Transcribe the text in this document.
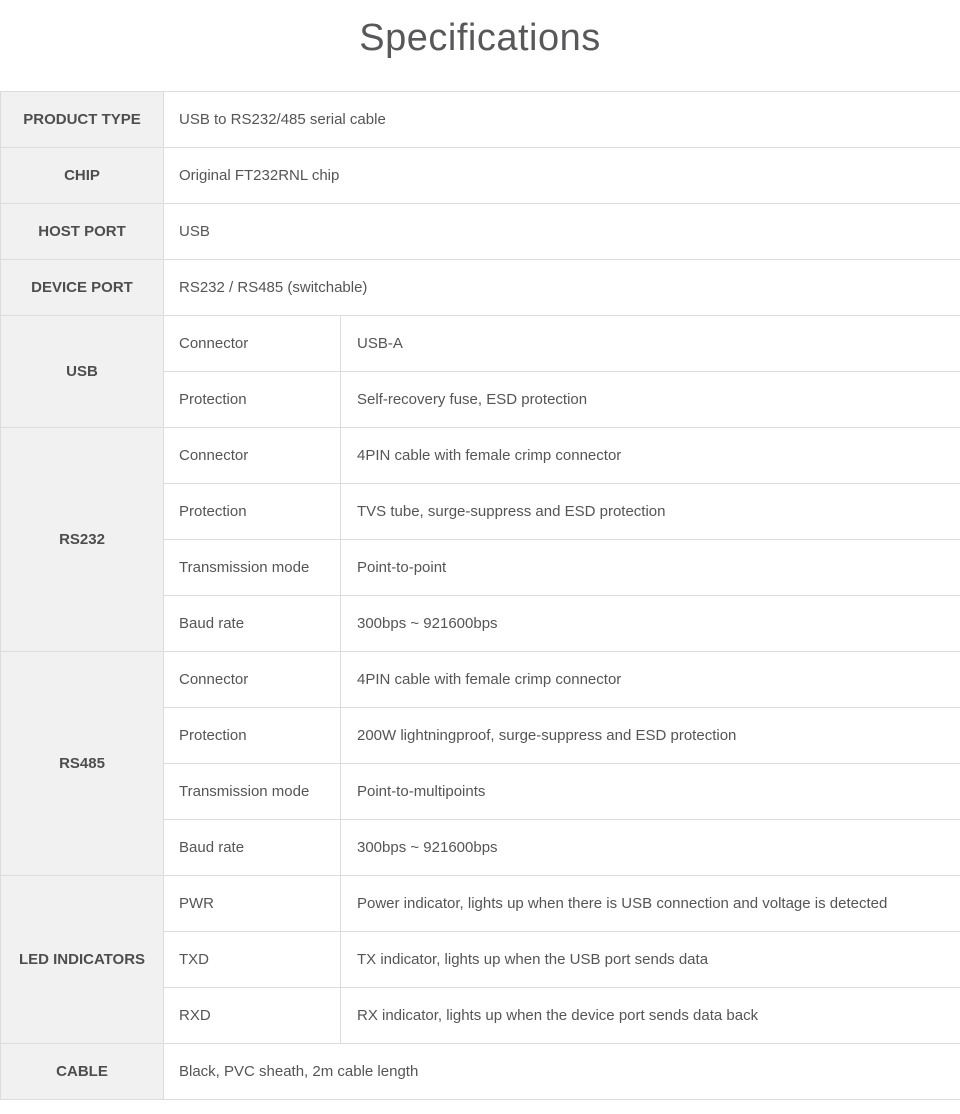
Specifications
PRODUCT TYPE	USB to RS232/485 serial cable	
CHIP	Original FT232RNL chip	
HOST PORT	USB	
DEVICE PORT	RS232 / RS485 (switchable)	
USB	Connector	USB-A
	Protection	Self-recovery fuse, ESD protection
RS232	Connector	4PIN cable with female crimp connector
	Protection	TVS tube, surge-suppress and ESD protection
	Transmission mode	Point-to-point
	Baud rate	300bps ~ 921600bps
RS485	Connector	4PIN cable with female crimp connector
	Protection	200W lightningproof, surge-suppress and ESD protection
	Transmission mode	Point-to-multipoints
	Baud rate	300bps ~ 921600bps
LED INDICATORS	PWR	Power indicator, lights up when there is USB connection and voltage is detected
	TXD	TX indicator, lights up when the USB port sends data
	RXD	RX indicator, lights up when the device port sends data back
CABLE	Black, PVC sheath, 2m cable length	
